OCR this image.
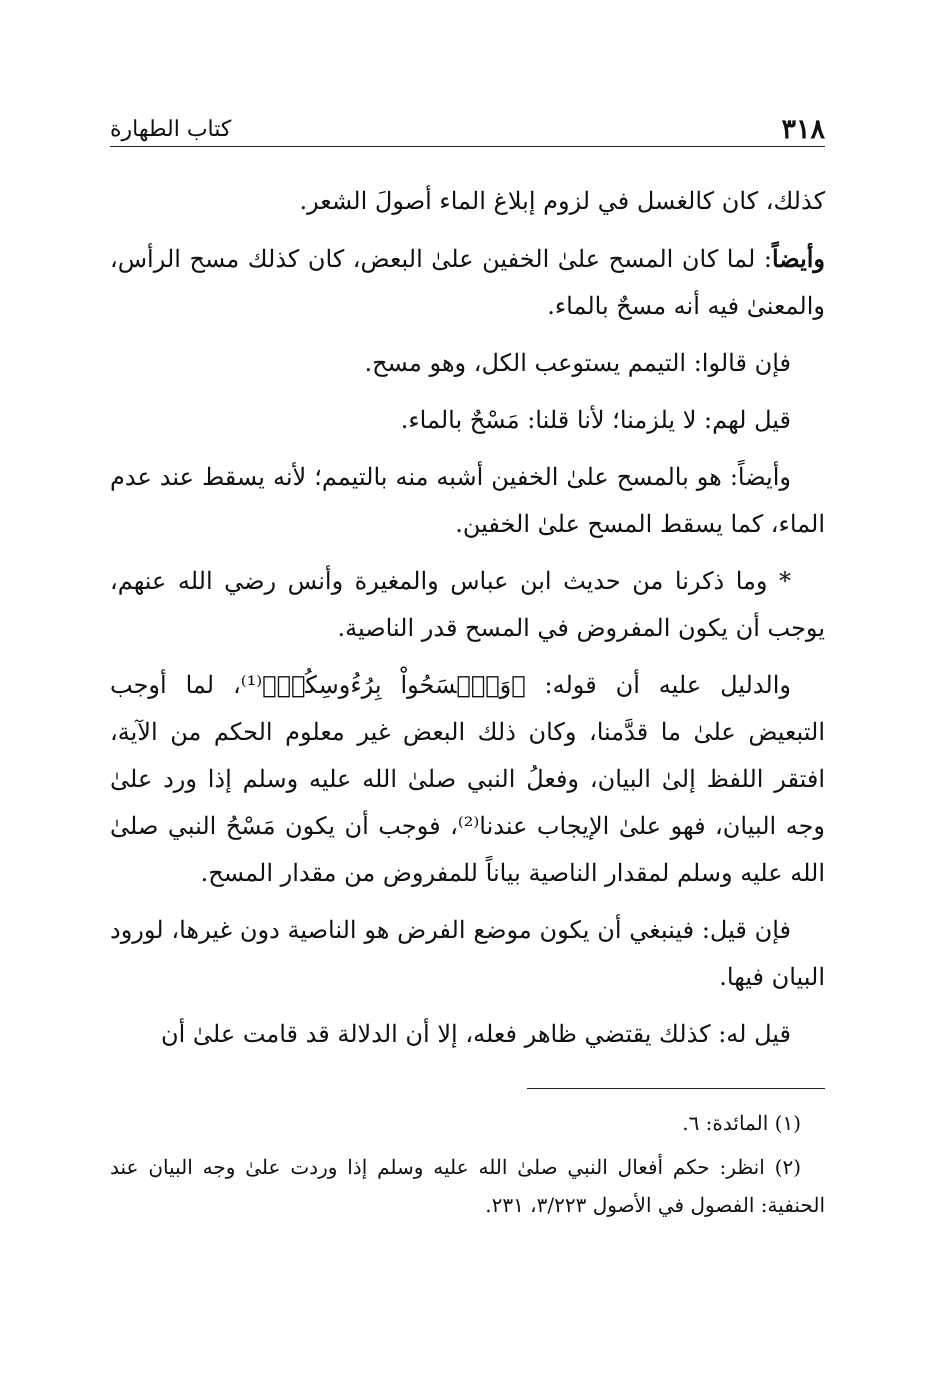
٣١٨
كتاب الطهارة

كذلك، كان كالغسل في لزوم إبلاغ الماء أصولَ الشعر.

وأيضاً: لما كان المسح علىٰ الخفين علىٰ البعض، كان كذلك مسح الرأس، والمعنىٰ فيه أنه مسحٌ بالماء.

فإن قالوا: التيمم يستوعب الكل، وهو مسح.

قيل لهم: لا يلزمنا؛ لأنا قلنا: مَسْحٌ بالماء.

وأيضاً: هو بالمسح علىٰ الخفين أشبه منه بالتيمم؛ لأنه يسقط عند عدم الماء، كما يسقط المسح علىٰ الخفين.

* وما ذكرنا من حديث ابن عباس والمغيرة وأنس رضي الله عنهم، يوجب أن يكون المفروض في المسح قدر الناصية.

والدليل عليه أن قوله: ﴿وَٱمۡسَحُواْ بِرُءُوسِكُمۡ﴾⁽¹⁾، لما أوجب التبعيض علىٰ ما قدَّمنا، وكان ذلك البعض غير معلوم الحكم من الآية، افتقر اللفظ إلىٰ البيان، وفعلُ النبي صلىٰ الله عليه وسلم إذا ورد علىٰ وجه البيان، فهو علىٰ الإيجاب عندنا⁽²⁾، فوجب أن يكون مَسْحُ النبي صلىٰ الله عليه وسلم لمقدار الناصية بياناً للمفروض من مقدار المسح.

فإن قيل: فينبغي أن يكون موضع الفرض هو الناصية دون غيرها، لورود البيان فيها.

قيل له: كذلك يقتضي ظاهر فعله، إلا أن الدلالة قد قامت علىٰ أن

(١) المائدة: ٦.

(٢) انظر: حكم أفعال النبي صلىٰ الله عليه وسلم إذا وردت علىٰ وجه البيان عند الحنفية: الفصول في الأصول ٣/٢٢٣، ٢٣١.
